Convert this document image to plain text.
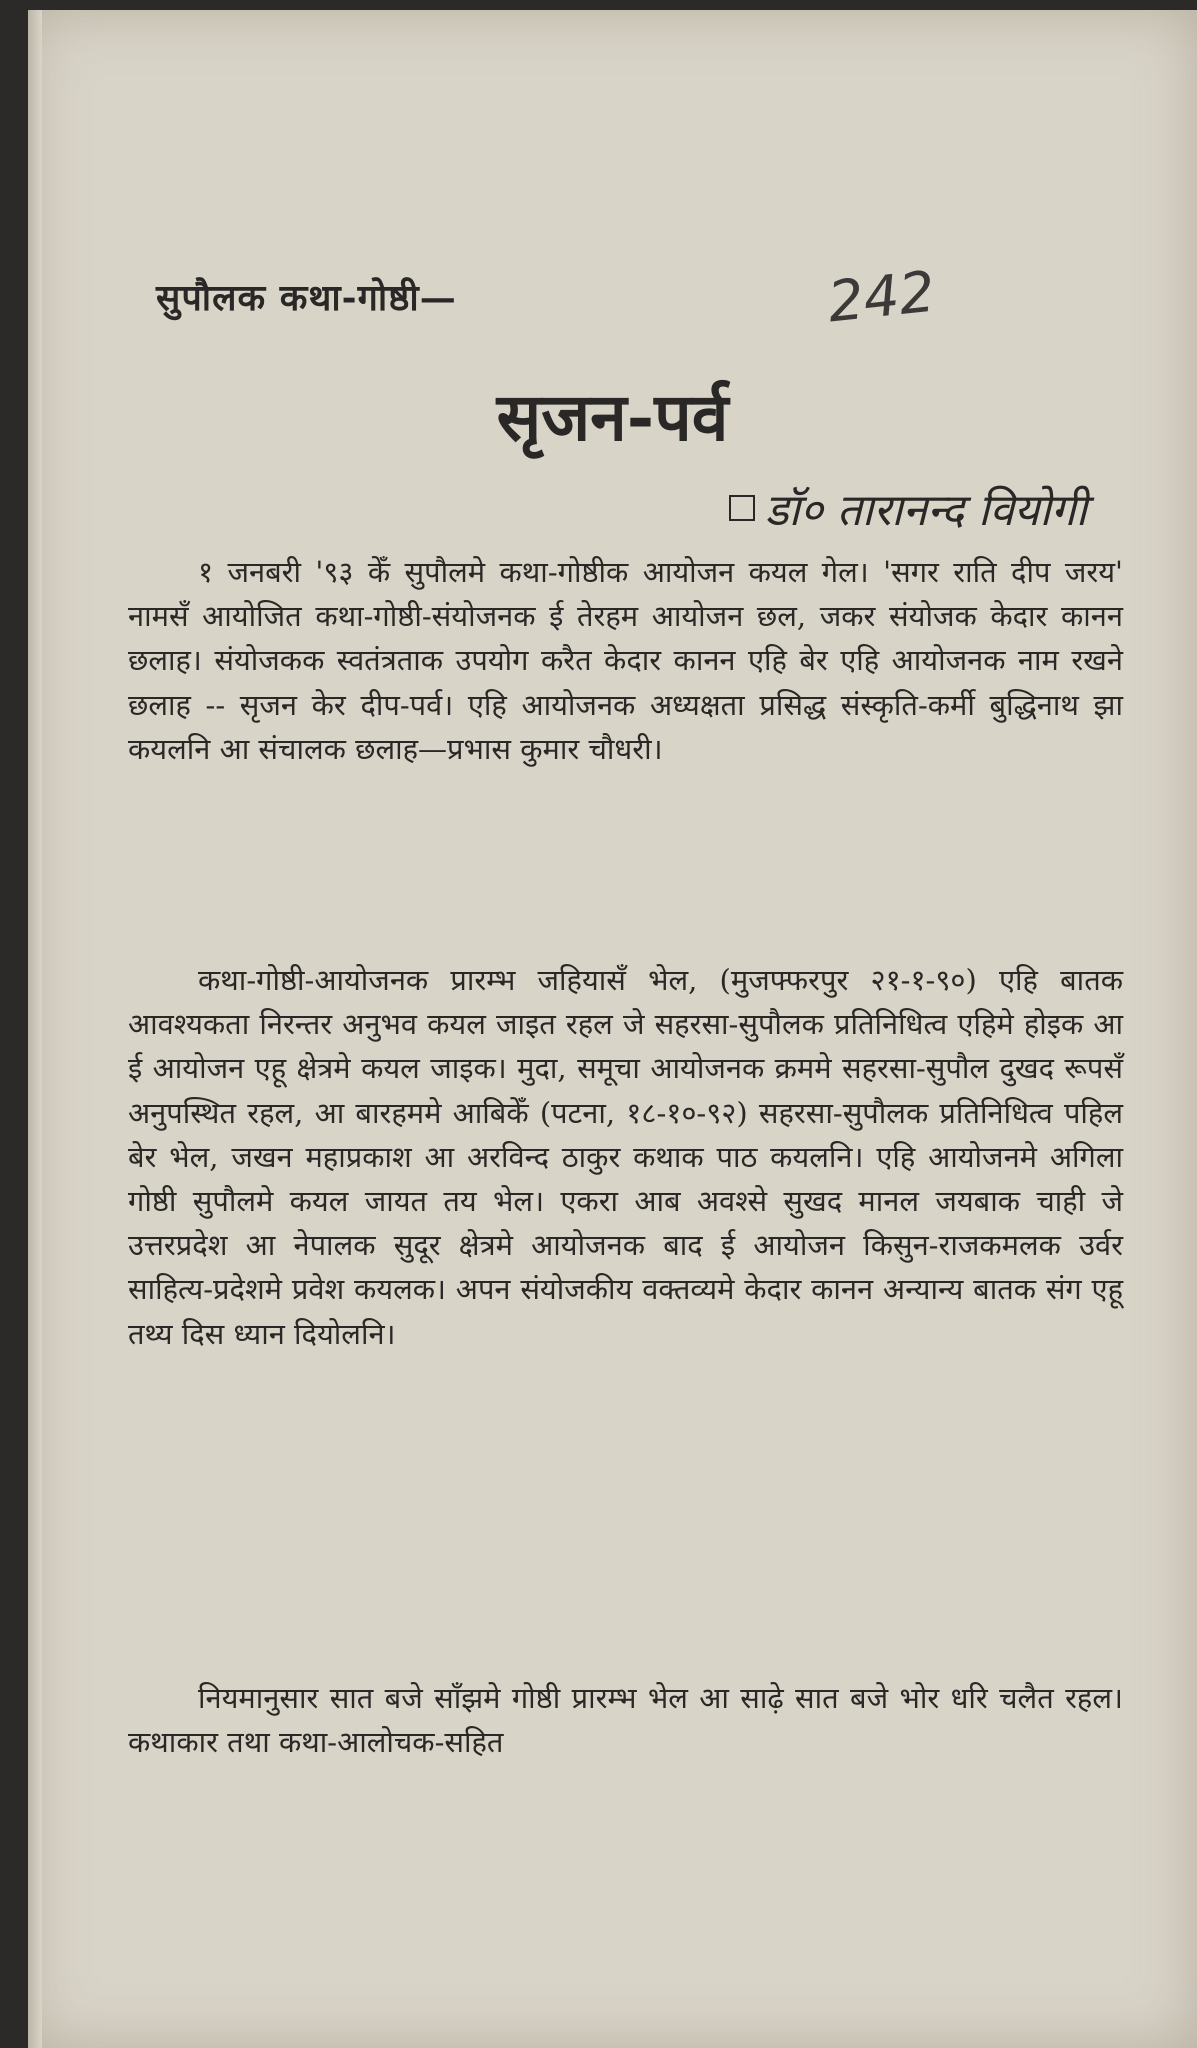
सुपौलक कथा-गोष्ठी—	242
सृजन-पर्व
डॉ० तारानन्द वियोगी

१ जनबरी '९३ केँ सुपौलमे कथा-गोष्ठीक आयोजन कयल गेल। 'सगर राति दीप जरय' नामसँ आयोजित कथा-गोष्ठी-संयोजनक ई तेरहम आयोजन छल, जकर संयोजक केदार कानन छलाह। संयोजकक स्वतंत्रताक उपयोग करैत केदार कानन एहि बेर एहि आयोजनक नाम रखने छलाह -- सृजन केर दीप-पर्व। एहि आयोजनक अध्यक्षता प्रसिद्ध संस्कृति-कर्मी बुद्धिनाथ झा कयलनि आ संचालक छलाह—प्रभास कुमार चौधरी।

कथा-गोष्ठी-आयोजनक प्रारम्भ जहियासँ भेल, (मुजफ्फरपुर २१-१-९०) एहि बातक आवश्यकता निरन्तर अनुभव कयल जाइत रहल जे सहरसा-सुपौलक प्रतिनिधित्व एहिमे होइक आ ई आयोजन एहू क्षेत्रमे कयल जाइक। मुदा, समूचा आयोजनक क्रममे सहरसा-सुपौल दुखद रूपसँ अनुपस्थित रहल, आ बारहममे आबिकेँ (पटना, १८-१०-९२) सहरसा-सुपौलक प्रतिनिधित्व पहिल बेर भेल, जखन महाप्रकाश आ अरविन्द ठाकुर कथाक पाठ कयलनि। एहि आयोजनमे अगिला गोष्ठी सुपौलमे कयल जायत तय भेल। एकरा आब अवश्से सुखद मानल जयबाक चाही जे उत्तरप्रदेश आ नेपालक सुदूर क्षेत्रमे आयोजनक बाद ई आयोजन किसुन-राजकमलक उर्वर साहित्य-प्रदेशमे प्रवेश कयलक। अपन संयोजकीय वक्तव्यमे केदार कानन अन्यान्य बातक संग एहू तथ्य दिस ध्यान दियोलनि।

नियमानुसार सात बजे साँझमे गोष्ठी प्रारम्भ भेल आ साढ़े सात बजे भोर धरि चलैत रहल। कथाकार तथा कथा-आलोचक-सहित
